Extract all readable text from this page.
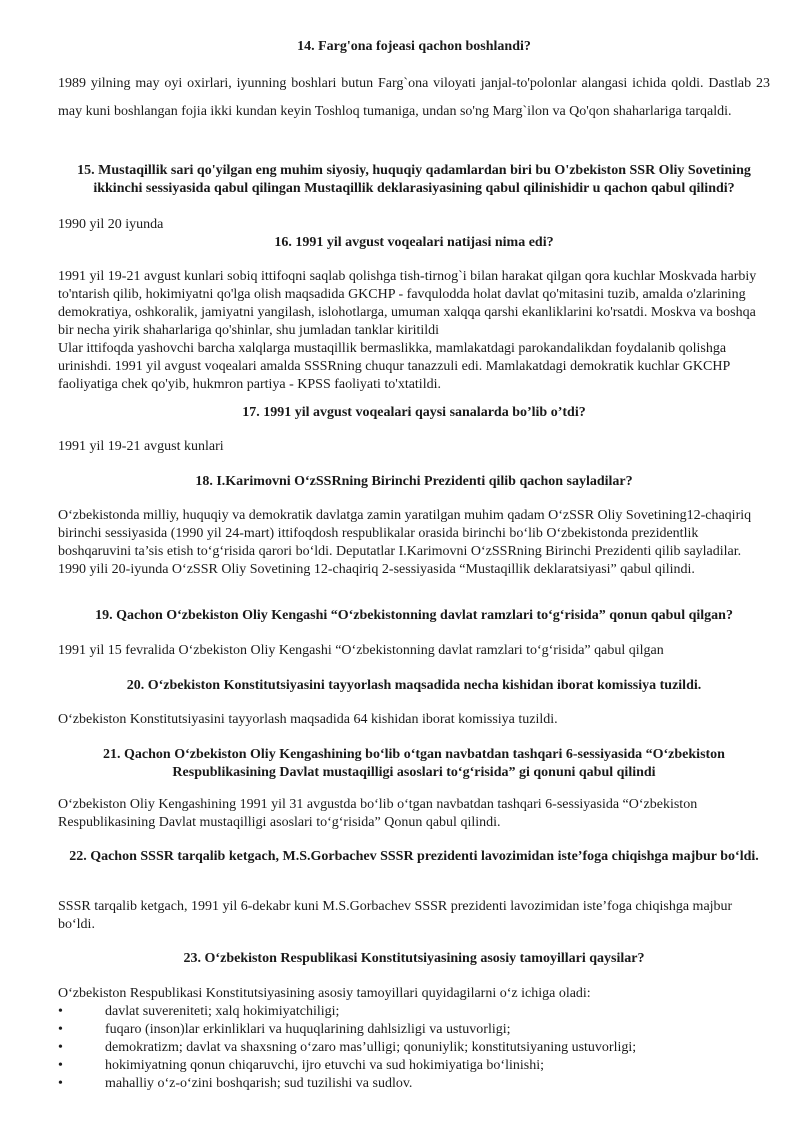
14. Farg'ona fojeasi qachon boshlandi?

1989 yilning may oyi oxirlari, iyunning boshlari butun Farg`ona viloyati janjal-to'polonlar alangasi ichida qoldi. Dastlab 23 may kuni boshlangan fojia ikki kundan keyin Toshloq tumaniga, undan so'ng Marg`ilon va Qo'qon shaharlariga tarqaldi.

15. Mustaqillik sari qo'yilgan eng muhim siyosiy, huquqiy qadamlardan biri bu O'zbekiston SSR Oliy Sovetining ikkinchi sessiyasida qabul qilingan Mustaqillik deklarasiyasining qabul qilinishidir u qachon qabul qilindi?

1990 yil 20 iyunda

16. 1991 yil avgust voqealari natijasi nima edi?

1991 yil 19-21 avgust kunlari sobiq ittifoqni saqlab qolishga tish-tirnog`i bilan harakat qilgan qora kuchlar Moskvada harbiy to'ntarish qilib, hokimiyatni qo'lga olish maqsadida GKCHP - favqulodda holat davlat qo'mitasini tuzib, amalda o'zlarining demokratiya, oshkoralik, jamiyatni yangilash, islohotlarga, umuman xalqqa qarshi ekanliklarini ko'rsatdi. Moskva va boshqa bir necha yirik shaharlariga qo'shinlar, shu jumladan tanklar kiritildi

Ular ittifoqda yashovchi barcha xalqlarga mustaqillik bermaslikka, mamlakatdagi parokandalikdan foydalanib qolishga urinishdi. 1991 yil avgust voqealari amalda SSSRning chuqur tanazzuli edi. Mamlakatdagi demokratik kuchlar GKCHP faoliyatiga chek qo'yib, hukmron partiya - KPSS faoliyati to'xtatildi.

17. 1991 yil avgust voqealari qaysi sanalarda bo’lib o’tdi?

1991 yil 19-21 avgust kunlari

18. I.Karimovni O‘zSSRning Birinchi Prezidenti qilib qachon sayladilar?

O‘zbekistonda milliy, huquqiy va demokratik davlatga zamin yaratilgan muhim qadam O‘zSSR Oliy Sovetining12-chaqiriq birinchi sessiyasida (1990 yil 24-mart) ittifoqdosh respublikalar orasida birinchi bo‘lib O‘zbekistonda prezidentlik boshqaruvini ta’sis etish to‘g‘risida qarori bo‘ldi. Deputatlar I.Karimovni O‘zSSRning Birinchi Prezidenti qilib sayladilar. 1990 yili 20-iyunda O‘zSSR Oliy Sovetining 12-chaqiriq 2-sessiyasida “Mustaqillik deklaratsiyasi” qabul qilindi.

19. Qachon O‘zbekiston Oliy Kengashi “O‘zbekistonning davlat ramzlari to‘g‘risida” qonun qabul qilgan?

1991 yil 15 fevralida O‘zbekiston Oliy Kengashi “O‘zbekistonning davlat ramzlari to‘g‘risida” qabul qilgan

20. O‘zbekiston Konstitutsiyasini tayyorlash maqsadida necha kishidan iborat komissiya tuzildi.

O‘zbekiston Konstitutsiyasini tayyorlash maqsadida 64 kishidan iborat komissiya tuzildi.

21. Qachon O‘zbekiston Oliy Kengashining bo‘lib o‘tgan navbatdan tashqari 6-sessiyasida “O‘zbekiston Respublikasining Davlat mustaqilligi asoslari to‘g‘risida” gi qonuni qabul qilindi

O‘zbekiston Oliy Kengashining 1991 yil 31 avgustda bo‘lib o‘tgan navbatdan tashqari 6-sessiyasida “O‘zbekiston Respublikasining Davlat mustaqilligi asoslari to‘g‘risida” Qonun qabul qilindi.

22. Qachon SSSR tarqalib ketgach, M.S.Gorbachev SSSR prezidenti lavozimidan iste’foga chiqishga majbur bo‘ldi.

SSSR tarqalib ketgach, 1991 yil 6-dekabr kuni M.S.Gorbachev SSSR prezidenti lavozimidan iste’foga chiqishga majbur bo‘ldi.

23. O‘zbekiston Respublikasi Konstitutsiyasining asosiy tamoyillari qaysilar?

O‘zbekiston Respublikasi Konstitutsiyasining asosiy tamoyillari quyidagilarni o‘z ichiga oladi:

•	davlat suvereniteti; xalq hokimiyatchiligi;
•	fuqaro (inson)lar erkinliklari va huquqlarining dahlsizligi va ustuvorligi;
•	demokratizm; davlat va shaxsning o‘zaro mas’ulligi; qonuniylik; konstitutsiyaning ustuvorligi;
•	hokimiyatning qonun chiqaruvchi, ijro etuvchi va sud hokimiyatiga bo‘linishi;
•	mahalliy o‘z-o‘zini boshqarish; sud tuzilishi va sudlov.
